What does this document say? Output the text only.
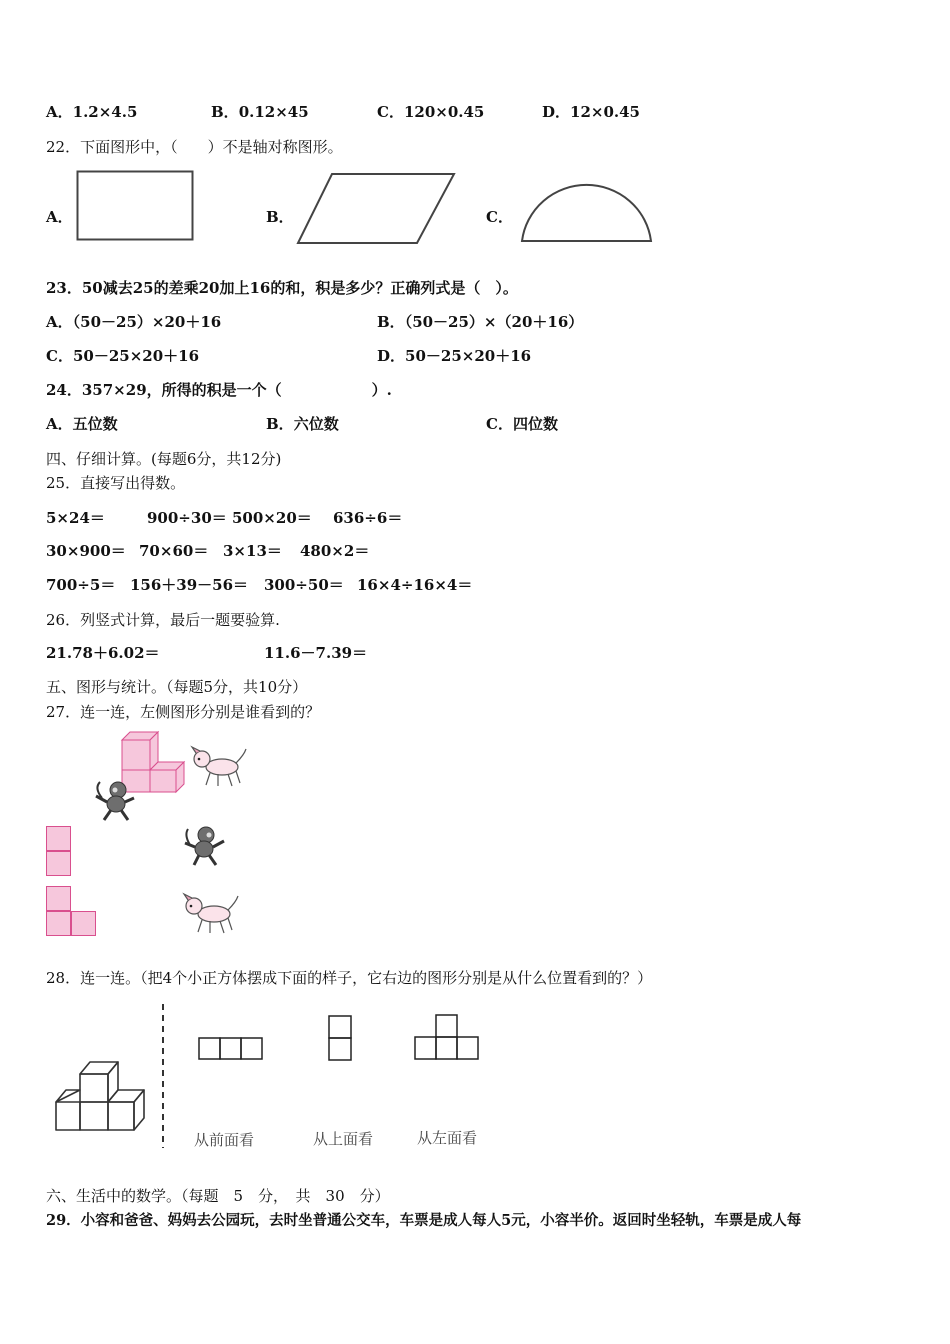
A．1.2×4.5	B．0.12×45	C．120×0.45	D．12×0.45
22．下面图形中，（　　）不是轴对称图形。
A．	B．	C．
23．50减去25的差乘20加上16的和，积是多少？正确列式是（　）。
A．（50－25）×20＋16	B．（50－25）×（20＋16）
C．50－25×20＋16	D．50－25×20＋16
24．357×29，所得的积是一个（　　　　　　）.
A．五位数	B．六位数	C．四位数
四、仔细计算。(每题6分，共12分)
25．直接写出得数。
5×24＝	900÷30＝ 500×20＝ 636÷6＝
30×900＝ 70×60＝ 3×13＝ 480×2＝
700÷5＝ 156＋39－56＝ 300÷50＝ 16×4÷16×4＝
26．列竖式计算，最后一题要验算.
21.78＋6.02＝	11.6－7.39＝
五、图形与统计。（每题5分，共10分）
27．连一连，左侧图形分别是谁看到的？
28．连一连。（把4个小正方体摆成下面的样子，它右边的图形分别是从什么位置看到的？）
从前面看	从上面看	从左面看
六、生活中的数学。（每题　5　分，　共　30　分）
29．小容和爸爸、妈妈去公园玩，去时坐普通公交车，车票是成人每人5元，小容半价。返回时坐轻轨，车票是成人每
